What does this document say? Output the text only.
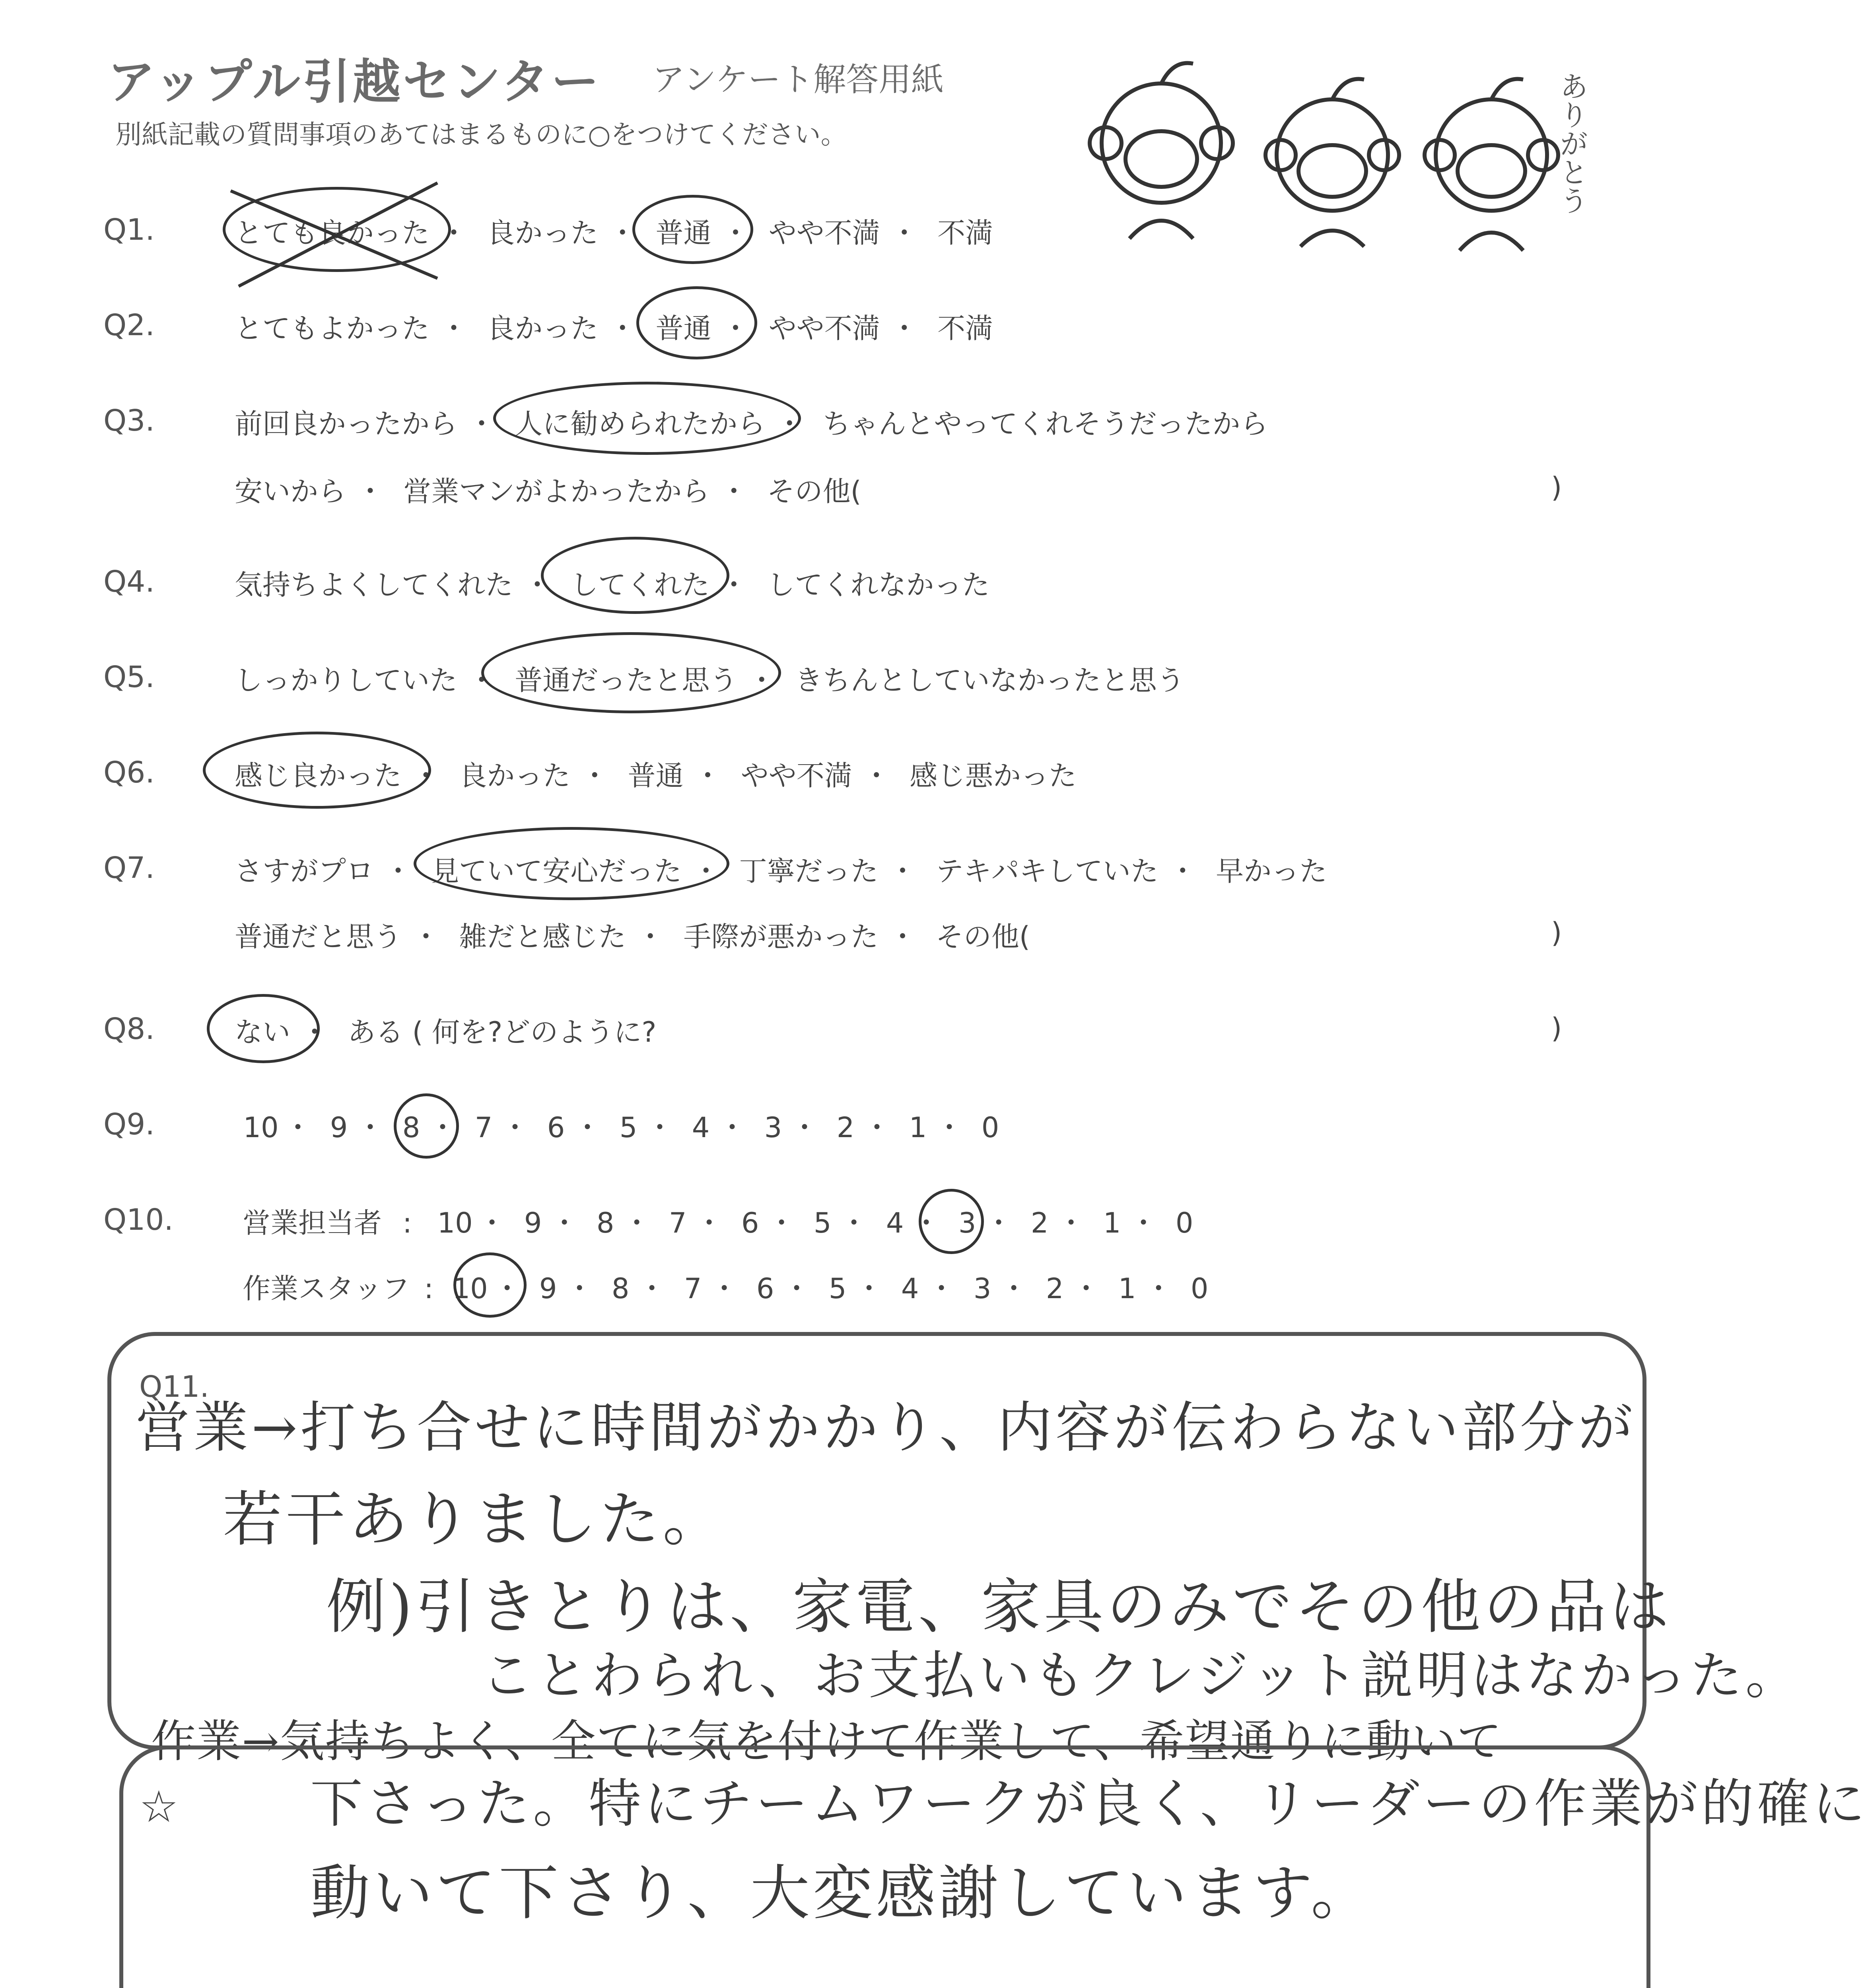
アップル引越センター アンケート解答用紙
別紙記載の質問事項のあてはまるものに○をつけてください。	ありがとう
Q1.	とても良かった ・ 良かった ・ 普通 ・ やや不満 ・ 不満
Q2.	とてもよかった ・ 良かった ・ 普通 ・ やや不満 ・ 不満
Q3.	前回良かったから ・ 人に勧められたから ・ ちゃんとやってくれそうだったから
安いから ・ 営業マンがよかったから ・ その他(	)
Q4.	気持ちよくしてくれた ・ してくれた ・ してくれなかった
Q5.	しっかりしていた ・ 普通だったと思う ・ きちんとしていなかったと思う
Q6.	感じ良かった ・ 良かった ・ 普通 ・ やや不満 ・ 感じ悪かった
Q7.	さすがプロ ・ 見ていて安心だった ・ 丁寧だった ・ テキパキしていた ・ 早かった
普通だと思う ・ 雑だと感じた ・ 手際が悪かった ・ その他(	)
Q8.	ない ・ ある ( 何を?どのように?	)
Q9.	10 ・ 9 ・ 8 ・ 7 ・ 6 ・ 5 ・ 4 ・ 3 ・ 2 ・ 1 ・ 0
Q10. 営業担当者 : 10 ・ 9 ・ 8 ・ 7 ・ 6 ・ 5 ・ 4 ・ 3 ・ 2 ・ 1 ・ 0
作業スタッフ : 10 ・ 9 ・ 8 ・ 7 ・ 6 ・ 5 ・ 4 ・ 3 ・ 2 ・ 1 ・ 0
Q11.
営業→打ち合せに時間がかかり、内容が伝わらない部分が
若干ありました。
例)引きとりは、家電、家具のみでその他の品は
ことわられ、お支払いもクレジット説明はなかった。
作業→気持ちよく、全てに気を付けて作業して、希望通りに動いて
☆	下さった。特にチームワークが良く、リーダーの作業が的確に
動いて下さり、大変感謝しています。
